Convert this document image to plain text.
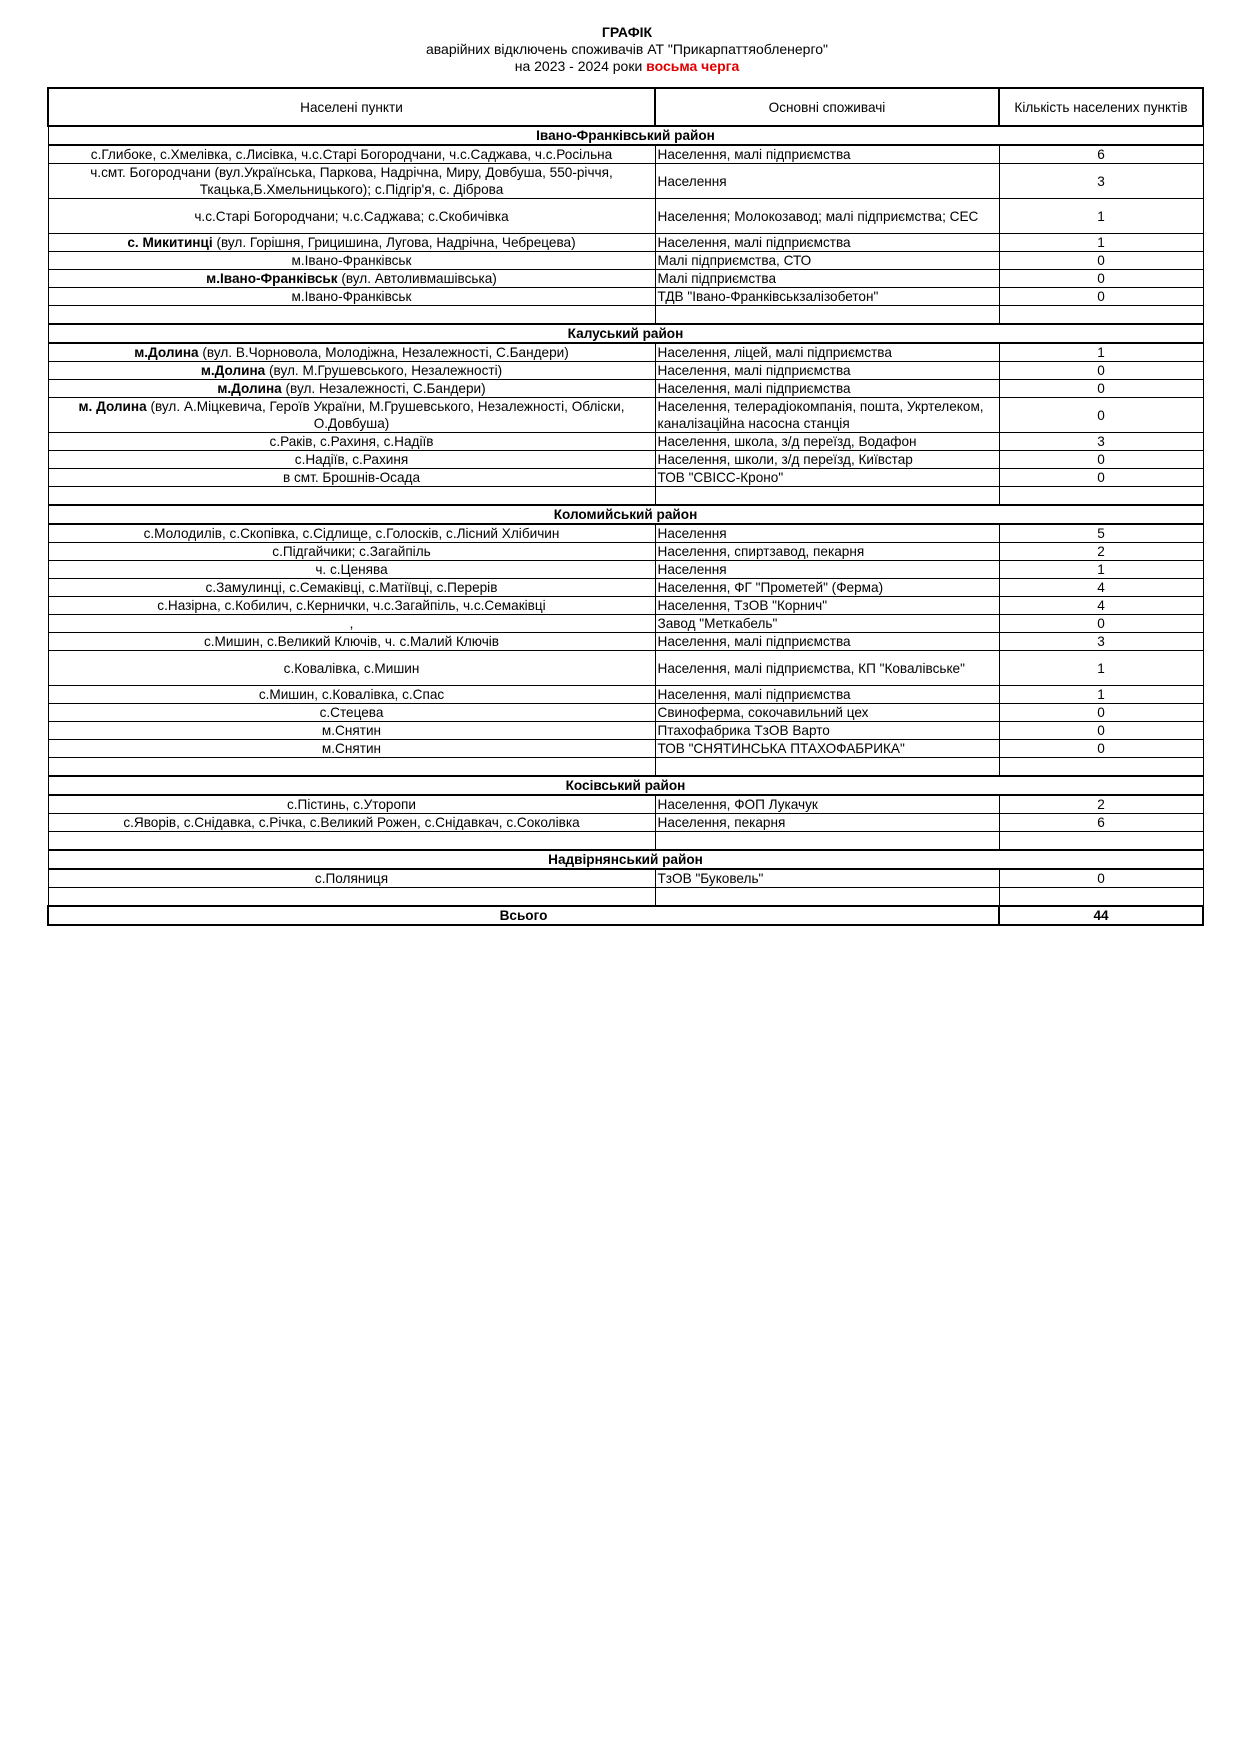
ГРАФІК
аварійних відключень споживачів АТ "Прикарпаттяобленерго"
на 2023 - 2024 роки восьма черга
Населені пункти	Основні споживачі	Кількість населених пунктів
Івано-Франківський район		
с.Глибоке, с.Хмелівка, с.Лисівка, ч.с.Старі Богородчани, ч.с.Саджава, ч.с.Росільна	Населення, малі підприємства	6
ч.смт. Богородчани (вул.Українська, Паркова, Надрічна, Миру, Довбуша, 550-річчя, Ткацька,Б.Хмельницького); с.Підгір'я, с. Діброва	Населення	3
ч.с.Старі Богородчани; ч.с.Саджава; с.Скобичівка	Населення; Молокозавод; малі підприємства; СЕС	1
с. Микитинці (вул. Горішня, Грицишина, Лугова, Надрічна, Чебрецева)	Населення, малі підприємства	1
м.Івано-Франківськ	Малі підприємства, СТО	0
м.Івано-Франківськ (вул. Автоливмашівська)	Малі підприємства	0
м.Івано-Франківськ	ТДВ "Івано-Франківськзалізобетон"	0

Калуський район		
м.Долина (вул. В.Чорновола, Молодіжна, Незалежності, С.Бандери)	Населення, ліцей, малі підприємства	1
м.Долина (вул. М.Грушевського, Незалежності)	Населення, малі підприємства	0
м.Долина (вул. Незалежності, С.Бандери)	Населення, малі підприємства	0
м. Долина (вул. А.Міцкевича, Героїв України, М.Грушевського, Незалежності, Обліски, О.Довбуша)	Населення, телерадіокомпанія, пошта, Укртелеком, каналізаційна насосна станція	0
с.Раків, с.Рахиня, с.Надіїв	Населення, школа, з/д переїзд, Водафон	3
с.Надіїв, с.Рахиня	Населення, школи, з/д переїзд, Київстар	0
в смт. Брошнів-Осада	ТОВ "СВІСС-Кроно"	0

Коломийський район		
с.Молодилів, с.Скопівка, с.Сідлище, с.Голосків, с.Лісний Хлібичин	Населення	5
с.Підгайчики; с.Загайпіль	Населення, спиртзавод, пекарня	2
ч. с.Ценява	Населення	1
с.Замулинці, с.Семаківці, с.Матіївці, с.Перерів	Населення, ФГ "Прометей" (Ферма)	4
с.Назірна, с.Кобилич, с.Кернички, ч.с.Загайпіль, ч.с.Семаківці	Населення, ТзОВ "Корнич"	4
,	Завод "Меткабель"	0
с.Мишин, с.Великий Ключів, ч. с.Малий Ключів	Населення, малі підприємства	3
с.Ковалівка, с.Мишин	Населення, малі підприємства, КП "Ковалівське"	1
с.Мишин, с.Ковалівка, с.Спас	Населення, малі підприємства	1
с.Стецева	Свиноферма, сокочавильний цех	0
м.Снятин	Птахофабрика ТзОВ Варто	0
м.Снятин	ТОВ "СНЯТИНСЬКА ПТАХОФАБРИКА"	0

Косівський район		
с.Пістинь, с.Уторопи	Населення, ФОП Лукачук	2
с.Яворів, с.Снідавка, с.Річка, с.Великий Рожен, с.Снідавкач, с.Соколівка	Населення, пекарня	6

Надвірнянський район		
с.Поляниця	ТзОВ "Буковель"	0

Всього		44
